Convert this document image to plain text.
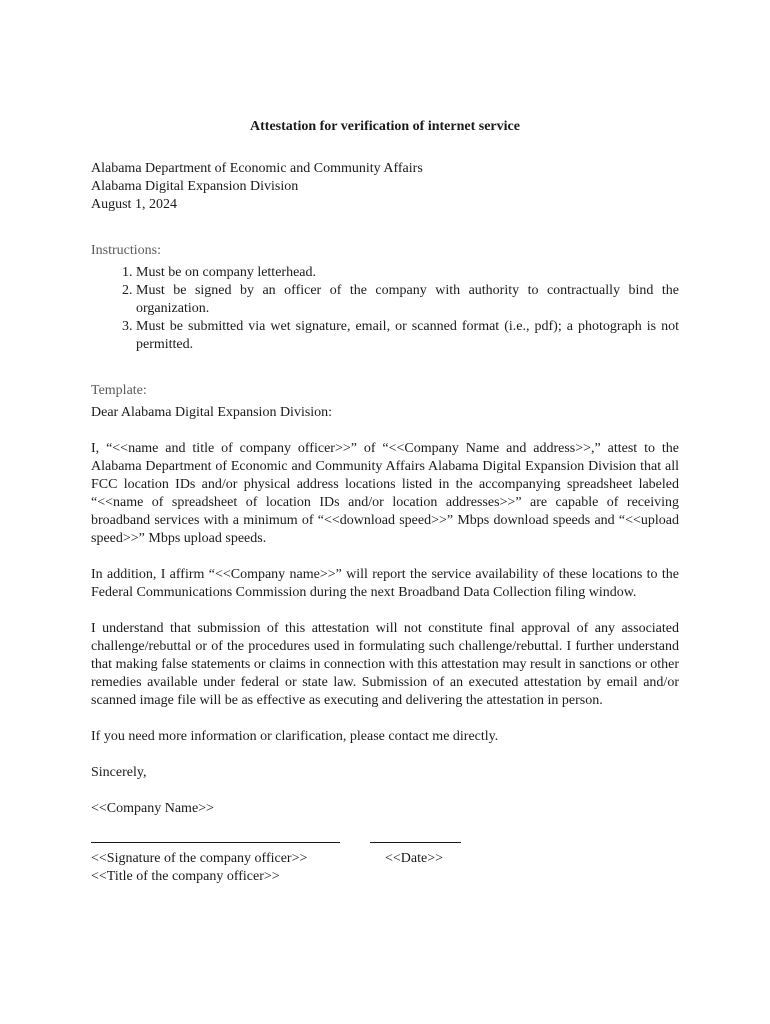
Attestation for verification of internet service

Alabama Department of Economic and Community Affairs

Alabama Digital Expansion Division

August 1, 2024

Instructions:

1. Must be on company letterhead.
2. Must be signed by an officer of the company with authority to contractually bind the organization.
3. Must be submitted via wet signature, email, or scanned format (i.e., pdf); a photograph is not permitted.

Template:

Dear Alabama Digital Expansion Division:

I, “<<name and title of company officer>>” of “<<Company Name and address>>,” attest to the Alabama Department of Economic and Community Affairs Alabama Digital Expansion Division that all FCC location IDs and/or physical address locations listed in the accompanying spreadsheet labeled “<<name of spreadsheet of location IDs and/or location addresses>>” are capable of receiving broadband services with a minimum of “<<download speed>>” Mbps download speeds and “<<upload speed>>” Mbps upload speeds.

In addition, I affirm “<<Company name>>” will report the service availability of these locations to the Federal Communications Commission during the next Broadband Data Collection filing window.

I understand that submission of this attestation will not constitute final approval of any associated challenge/rebuttal or of the procedures used in formulating such challenge/rebuttal. I further understand that making false statements or claims in connection with this attestation may result in sanctions or other remedies available under federal or state law. Submission of an executed attestation by email and/or scanned image file will be as effective as executing and delivering the attestation in person.

If you need more information or clarification, please contact me directly.

Sincerely,

<<Company Name>>

<<Signature of the company officer>>	<<Date>>
<<Title of the company officer>>
